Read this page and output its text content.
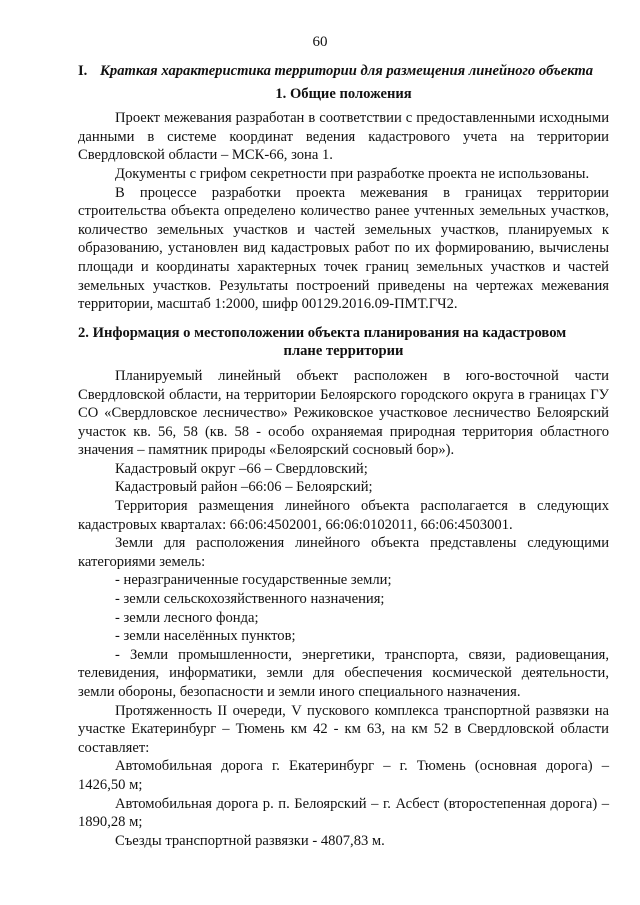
60
I. Краткая характеристика территории для размещения линейного объекта
1. Общие положения

Проект межевания разработан в соответствии с предоставленными исходными данными в системе координат ведения кадастрового учета на территории Свердловской области – МСК-66, зона 1.

Документы с грифом секретности при разработке проекта не использованы.

В процессе разработки проекта межевания в границах территории строительства объекта определено количество ранее учтенных земельных участков, количество земельных участков и частей земельных участков, планируемых к образованию, установлен вид кадастровых работ по их формированию, вычислены площади и координаты характерных точек границ земельных участков и частей земельных участков. Результаты построений приведены на чертежах межевания территории, масштаб 1:2000, шифр 00129.2016.09-ПМТ.ГЧ2.

2. Информация о местоположении объекта планирования на кадастровом
плане территории

Планируемый линейный объект расположен в юго-восточной части Свердловской области, на территории Белоярского городского округа в границах ГУ СО «Свердловское лесничество» Режиковское участковое лесничество Белоярский участок кв. 56, 58 (кв. 58 - особо охраняемая природная территория областного значения – памятник природы «Белоярский сосновый бор»).

Кадастровый округ –66 – Свердловский;

Кадастровый район –66:06 – Белоярский;

Территория размещения линейного объекта располагается в следующих кадастровых кварталах: 66:06:4502001, 66:06:0102011, 66:06:4503001.

Земли для расположения линейного объекта представлены следующими категориями земель:

- неразграниченные государственные земли;

- земли сельскохозяйственного назначения;

- земли лесного фонда;

- земли населённых пунктов;

- Земли промышленности, энергетики, транспорта, связи, радиовещания, телевидения, информатики, земли для обеспечения космической деятельности, земли обороны, безопасности и земли иного специального назначения.

Протяженность II очереди, V пускового комплекса транспортной развязки на участке Екатеринбург – Тюмень км 42 - км 63, на км 52 в Свердловской области составляет:

Автомобильная дорога г. Екатеринбург – г. Тюмень (основная дорога) – 1426,50 м;

Автомобильная дорога р. п. Белоярский – г. Асбест (второстепенная дорога) – 1890,28 м;

Съезды транспортной развязки - 4807,83 м.
